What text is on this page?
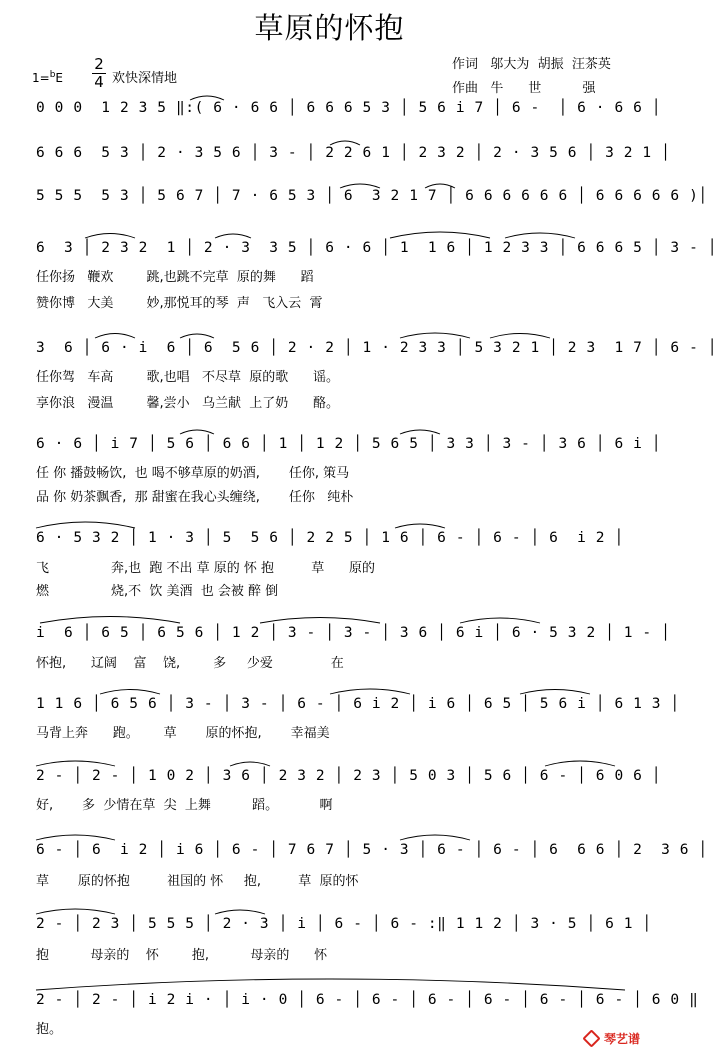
草原的怀抱
1=$^b$E
2
4 欢快深情地
作词   邬大为  胡振  汪茶英
作曲   牛      世          强
0 0 0  1 2 3 5 ‖:( 6 · 6 6 │ 6 6 6 5 3 │ 5 6 i 7 │ 6 -  │ 6 · 6 6 │
6 6 6  5 3 │ 2 · 3 5 6 │ 3 - │ 2 2 6 1 │ 2 3 2 │ 2 · 3 5 6 │ 3 2 1 │
5 5 5  5 3 │ 5 6 7 │ 7 · 6 5 3 │ 6  3 2 1 7 │ 6 6 6 6 6 6 │ 6 6 6 6 6 )│
6  3 │ 2 3 2  1 │ 2 · 3  3 5 │ 6 · 6 │ 1  1 6 │ 1 2 3 3 │ 6 6 6 5 │ 3 - │
任你扬   鞭欢        跳,也跳不完草  原的舞      蹈
赞你博   大美        妙,那悦耳的琴  声   飞入云  霄
3  6 │ 6 · i  6 │ 6  5 6 │ 2 · 2 │ 1 · 2 3 3 │ 5 3 2 1 │ 2 3  1 7 │ 6 - │
任你驾   车高        歌,也唱   不尽草  原的歌      谣。
享你浪   漫温        馨,尝小   乌兰献  上了奶      酪。
6 · 6 │ i 7 │ 5 6 │ 6 6 │ 1 │ 1 2 │ 5 6 5 │ 3 3 │ 3 - │ 3 6 │ 6 i │
任 你 播鼓畅饮,  也 喝不够草原的奶酒,       任你, 策马
品 你 奶茶飘香,  那 甜蜜在我心头缠绕,       任你   纯朴
6 · 5 3 2 │ 1 · 3 │ 5  5 6 │ 2 2 5 │ 1 6 │ 6 - │ 6 - │ 6  i 2 │
飞               奔,也  跑 不出 草 原的 怀 抱         草      原的
燃               烧,不  饮 美酒  也 会被 醉 倒
i  6 │ 6 5 │ 6 5 6 │ 1 2 │ 3 - │ 3 - │ 3 6 │ 6 i │ 6 · 5 3 2 │ 1 - │
怀抱,      辽阔    富    饶,        多     少爱              在
1 1 6 │ 6 5 6 │ 3 - │ 3 - │ 6 - │ 6 i 2 │ i 6 │ 6 5 │ 5 6 i │ 6 1 3 │
马背上奔      跑。      草       原的怀抱,       幸福美
2 - │ 2 - │ 1 0 2 │ 3 6 │ 2 3 2 │ 2 3 │ 5 0 3 │ 5 6 │ 6 - │ 6 0 6 │
好,       多  少情在草  尖  上舞          蹈。          啊
6 - │ 6  i 2 │ i 6 │ 6 - │ 7 6 7 │ 5 · 3 │ 6 - │ 6 - │ 6  6 6 │ 2  3 6 │
草       原的怀抱         祖国的 怀     抱,         草  原的怀
2 - │ 2 3 │ 5 5 5 │ 2 · 3 │ i │ 6 - │ 6 - :‖ 1 1 2 │ 3 · 5 │ 6 1 │
抱          母亲的    怀        抱,          母亲的      怀
2 - │ 2 - │ i 2 i · │ i · 0 │ 6 - │ 6 - │ 6 - │ 6 - │ 6 - │ 6 - │ 6 0 ‖
抱。
琴艺谱
